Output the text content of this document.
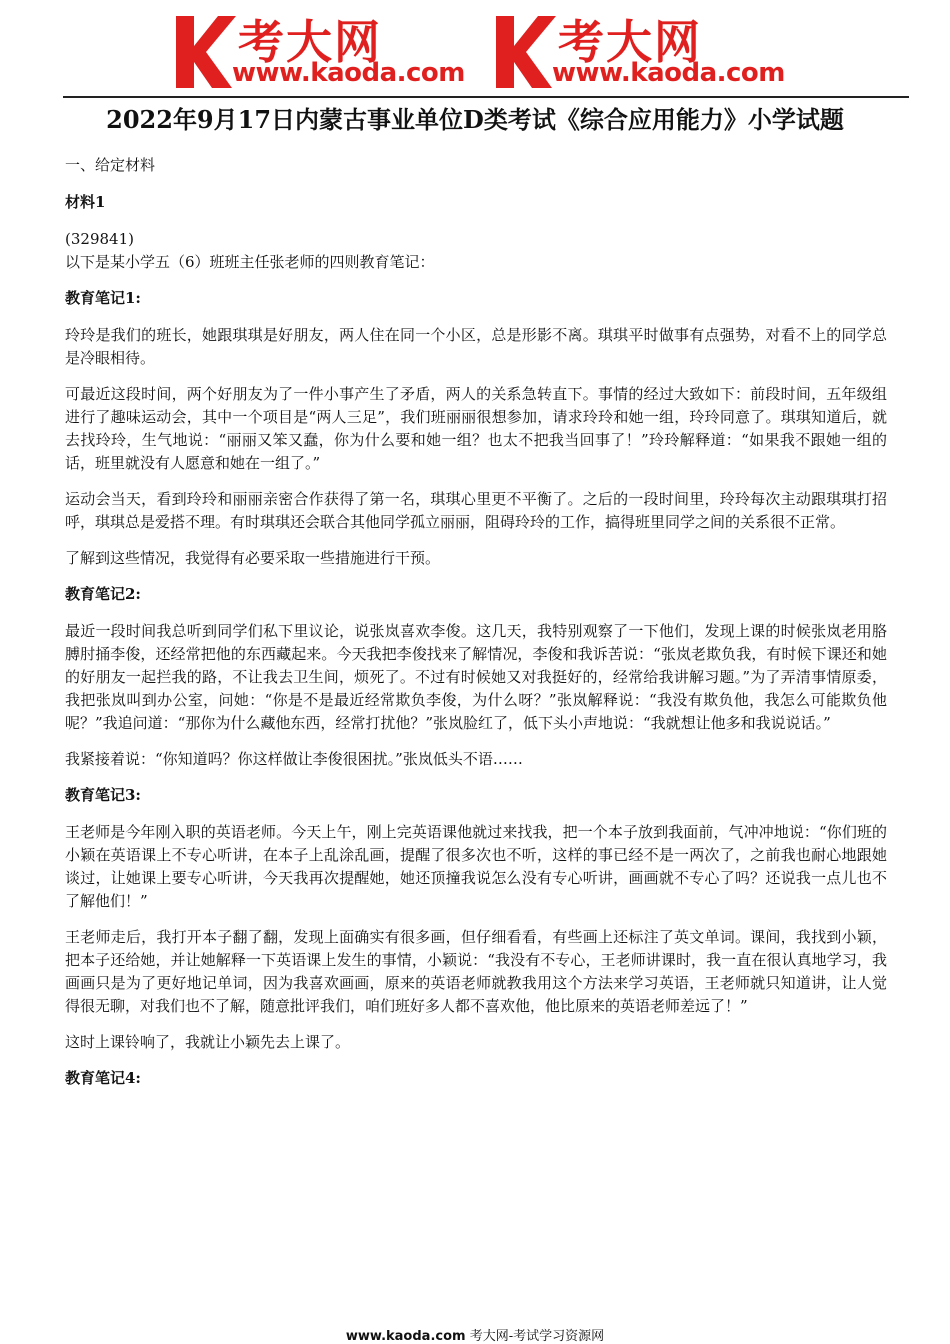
考大网
www.kaoda.com
考大网
www.kaoda.com
2022年9月17日内蒙古事业单位D类考试《综合应用能力》小学试题

一、给定材料

材料1

(329841)

以下是某小学五（6）班班主任张老师的四则教育笔记：

教育笔记1:

玲玲是我们的班长，她跟琪琪是好朋友，两人住在同一个小区，总是形影不离。琪琪平时做事有点强势，对看不上的同学总是冷眼相待。

可最近这段时间，两个好朋友为了一件小事产生了矛盾，两人的关系急转直下。事情的经过大致如下：前段时间，五年级组进行了趣味运动会，其中一个项目是“两人三足”，我们班丽丽很想参加，请求玲玲和她一组，玲玲同意了。琪琪知道后，就去找玲玲，生气地说：“丽丽又笨又蠢，你为什么要和她一组？也太不把我当回事了！”玲玲解释道：“如果我不跟她一组的话，班里就没有人愿意和她在一组了。”

运动会当天，看到玲玲和丽丽亲密合作获得了第一名，琪琪心里更不平衡了。之后的一段时间里，玲玲每次主动跟琪琪打招呼，琪琪总是爱搭不理。有时琪琪还会联合其他同学孤立丽丽，阻碍玲玲的工作，搞得班里同学之间的关系很不正常。

了解到这些情况，我觉得有必要采取一些措施进行干预。

教育笔记2:

最近一段时间我总听到同学们私下里议论，说张岚喜欢李俊。这几天，我特别观察了一下他们，发现上课的时候张岚老用胳膊肘捅李俊，还经常把他的东西藏起来。今天我把李俊找来了解情况，李俊和我诉苦说：“张岚老欺负我，有时候下课还和她的好朋友一起拦我的路，不让我去卫生间，烦死了。不过有时候她又对我挺好的，经常给我讲解习题。”为了弄清事情原委，我把张岚叫到办公室，问她：“你是不是最近经常欺负李俊，为什么呀？”张岚解释说：“我没有欺负他，我怎么可能欺负他呢？”我追问道：“那你为什么藏他东西，经常打扰他？”张岚脸红了，低下头小声地说：“我就想让他多和我说说话。”

我紧接着说：“你知道吗？你这样做让李俊很困扰。”张岚低头不语……

教育笔记3:

王老师是今年刚入职的英语老师。今天上午，刚上完英语课他就过来找我，把一个本子放到我面前，气冲冲地说：“你们班的小颖在英语课上不专心听讲，在本子上乱涂乱画，提醒了很多次也不听，这样的事已经不是一两次了，之前我也耐心地跟她谈过，让她课上要专心听讲，今天我再次提醒她，她还顶撞我说怎么没有专心听讲，画画就不专心了吗？还说我一点儿也不了解他们！”

王老师走后，我打开本子翻了翻，发现上面确实有很多画，但仔细看看，有些画上还标注了英文单词。课间，我找到小颖，把本子还给她，并让她解释一下英语课上发生的事情，小颖说：“我没有不专心，王老师讲课时，我一直在很认真地学习，我画画只是为了更好地记单词，因为我喜欢画画，原来的英语老师就教我用这个方法来学习英语，王老师就只知道讲，让人觉得很无聊，对我们也不了解，随意批评我们，咱们班好多人都不喜欢他，他比原来的英语老师差远了！”

这时上课铃响了，我就让小颖先去上课了。

教育笔记4:

www.kaoda.com 考大网-考试学习资源网
